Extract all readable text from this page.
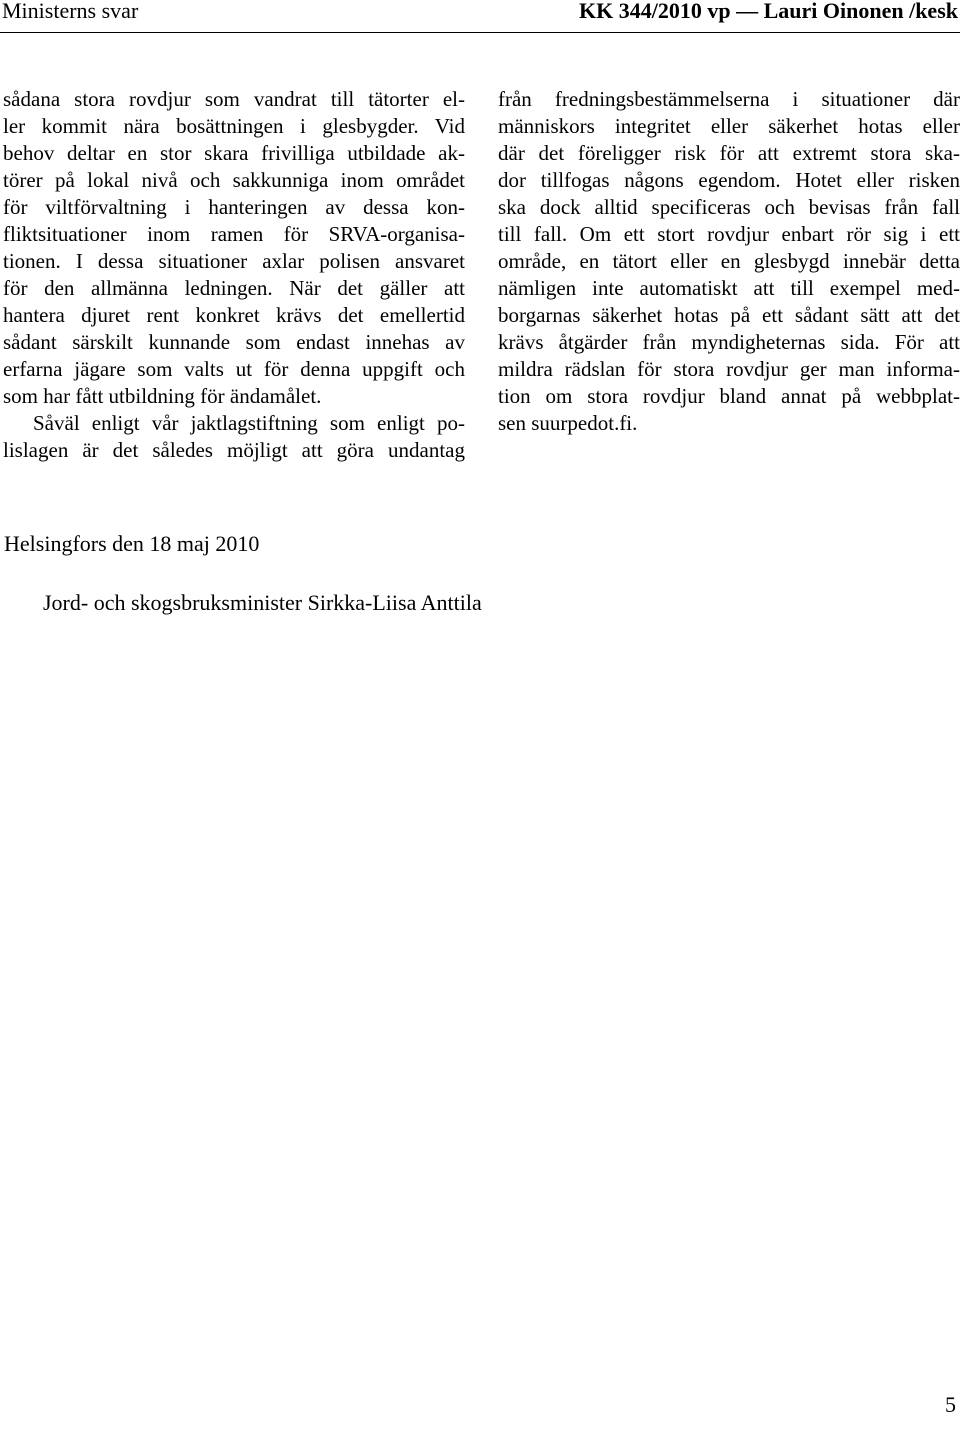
Ministerns svar	KK 344/2010 vp — Lauri Oinonen /kesk
sådana stora rovdjur som vandrat till tätorter el-
ler kommit nära bosättningen i glesbygder. Vid
behov deltar en stor skara frivilliga utbildade ak-
törer på lokal nivå och sakkunniga inom området
för viltförvaltning i hanteringen av dessa kon-
fliktsituationer inom ramen för SRVA-organisa-
tionen. I dessa situationer axlar polisen ansvaret
för den allmänna ledningen. När det gäller att
hantera djuret rent konkret krävs det emellertid
sådant särskilt kunnande som endast innehas av
erfarna jägare som valts ut för denna uppgift och
som har fått utbildning för ändamålet.
Såväl enligt vår jaktlagstiftning som enligt po-
lislagen är det således möjligt att göra undantag
från fredningsbestämmelserna i situationer där
människors integritet eller säkerhet hotas eller
där det föreligger risk för att extremt stora ska-
dor tillfogas någons egendom. Hotet eller risken
ska dock alltid specificeras och bevisas från fall
till fall. Om ett stort rovdjur enbart rör sig i ett
område, en tätort eller en glesbygd innebär detta
nämligen inte automatiskt att till exempel med-
borgarnas säkerhet hotas på ett sådant sätt att det
krävs åtgärder från myndigheternas sida. För att
mildra rädslan för stora rovdjur ger man informa-
tion om stora rovdjur bland annat på webbplat-
sen suurpedot.fi.
Helsingfors den 18 maj 2010
Jord- och skogsbruksminister Sirkka-Liisa Anttila
5
